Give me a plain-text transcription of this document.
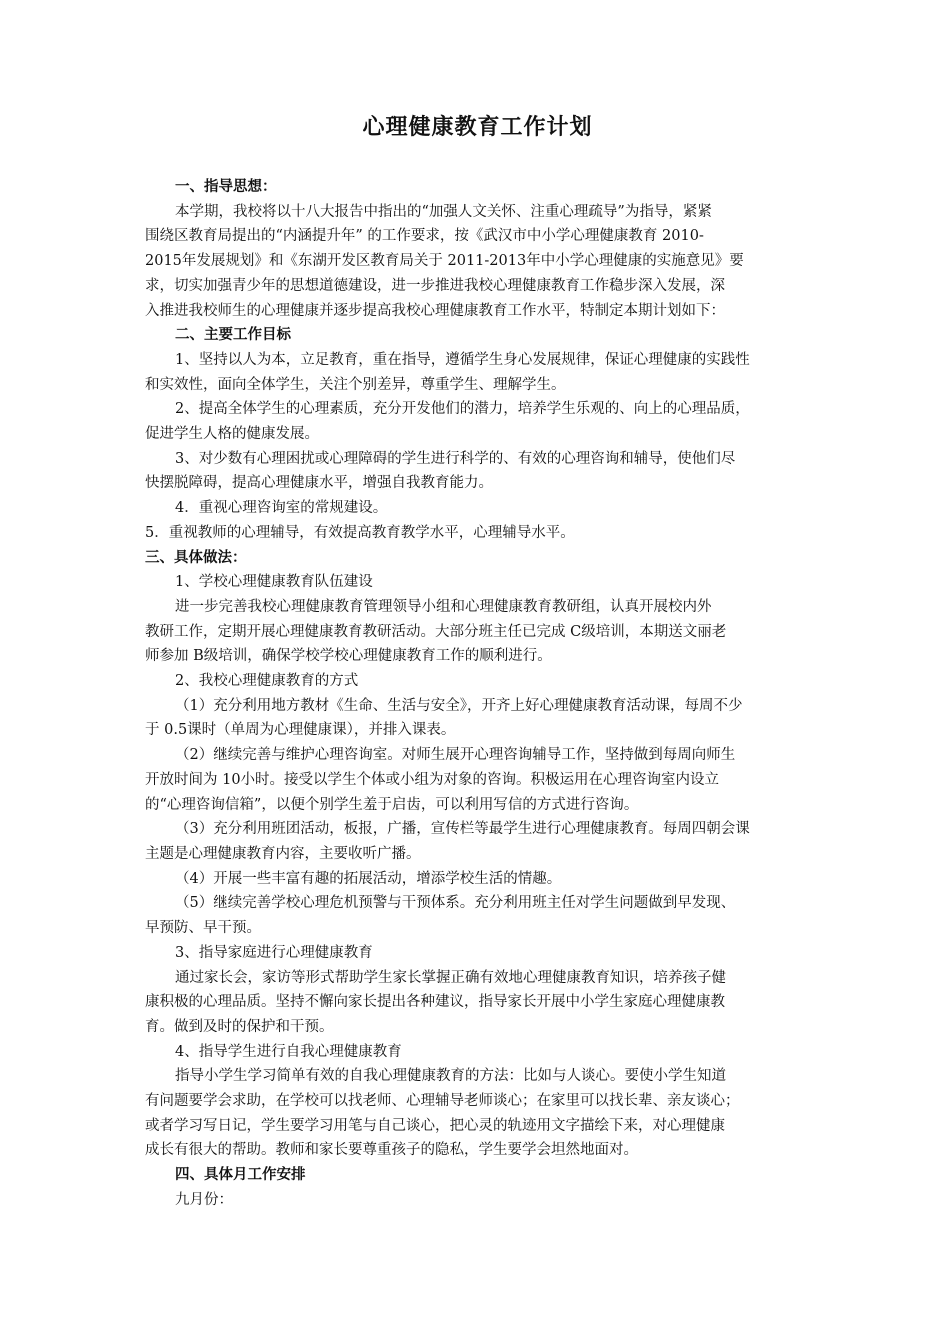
心理健康教育工作计划
一、指导思想：
本学期，我校将以十八大报告中指出的“加强人文关怀、注重心理疏导”为指导，紧紧
围绕区教育局提出的“内涵提升年” 的工作要求，按《武汉市中小学心理健康教育 2010-
2015年发展规划》和《东湖开发区教育局关于 2011-2013年中小学心理健康的实施意见》要
求，切实加强青少年的思想道德建设，进一步推进我校心理健康教育工作稳步深入发展，深
入推进我校师生的心理健康并逐步提高我校心理健康教育工作水平，特制定本期计划如下：
二、主要工作目标
1、坚持以人为本，立足教育，重在指导，遵循学生身心发展规律，保证心理健康的实践性
和实效性，面向全体学生，关注个别差异，尊重学生、理解学生。
2、提高全体学生的心理素质，充分开发他们的潜力，培养学生乐观的、向上的心理品质，
促进学生人格的健康发展。
3、对少数有心理困扰或心理障碍的学生进行科学的、有效的心理咨询和辅导，使他们尽
快摆脱障碍，提高心理健康水平，增强自我教育能力。
4．重视心理咨询室的常规建设。
5．重视教师的心理辅导，有效提高教育教学水平，心理辅导水平。
三、具体做法：
1、学校心理健康教育队伍建设
进一步完善我校心理健康教育管理领导小组和心理健康教育教研组，认真开展校内外
教研工作，定期开展心理健康教育教研活动。大部分班主任已完成 C级培训，本期送文丽老
师参加 B级培训，确保学校学校心理健康教育工作的顺利进行。
2、我校心理健康教育的方式
（1）充分利用地方教材《生命、生活与安全》，开齐上好心理健康教育活动课，每周不少
于 0.5课时（单周为心理健康课），并排入课表。
（2）继续完善与维护心理咨询室。对师生展开心理咨询辅导工作，坚持做到每周向师生
开放时间为 10小时。接受以学生个体或小组为对象的咨询。积极运用在心理咨询室内设立
的“心理咨询信箱”，以便个别学生羞于启齿，可以利用写信的方式进行咨询。
（3）充分利用班团活动，板报，广播，宣传栏等最学生进行心理健康教育。每周四朝会课
主题是心理健康教育内容，主要收听广播。
（4）开展一些丰富有趣的拓展活动，增添学校生活的情趣。
（5）继续完善学校心理危机预警与干预体系。充分利用班主任对学生问题做到早发现、
早预防、早干预。
3、指导家庭进行心理健康教育
通过家长会，家访等形式帮助学生家长掌握正确有效地心理健康教育知识，培养孩子健
康积极的心理品质。坚持不懈向家长提出各种建议，指导家长开展中小学生家庭心理健康教
育。做到及时的保护和干预。
4、指导学生进行自我心理健康教育
指导小学生学习简单有效的自我心理健康教育的方法：比如与人谈心。要使小学生知道
有问题要学会求助，在学校可以找老师、心理辅导老师谈心；在家里可以找长辈、亲友谈心；
或者学习写日记，学生要学习用笔与自己谈心，把心灵的轨迹用文字描绘下来，对心理健康
成长有很大的帮助。教师和家长要尊重孩子的隐私，学生要学会坦然地面对。
四、具体月工作安排
九月份：
